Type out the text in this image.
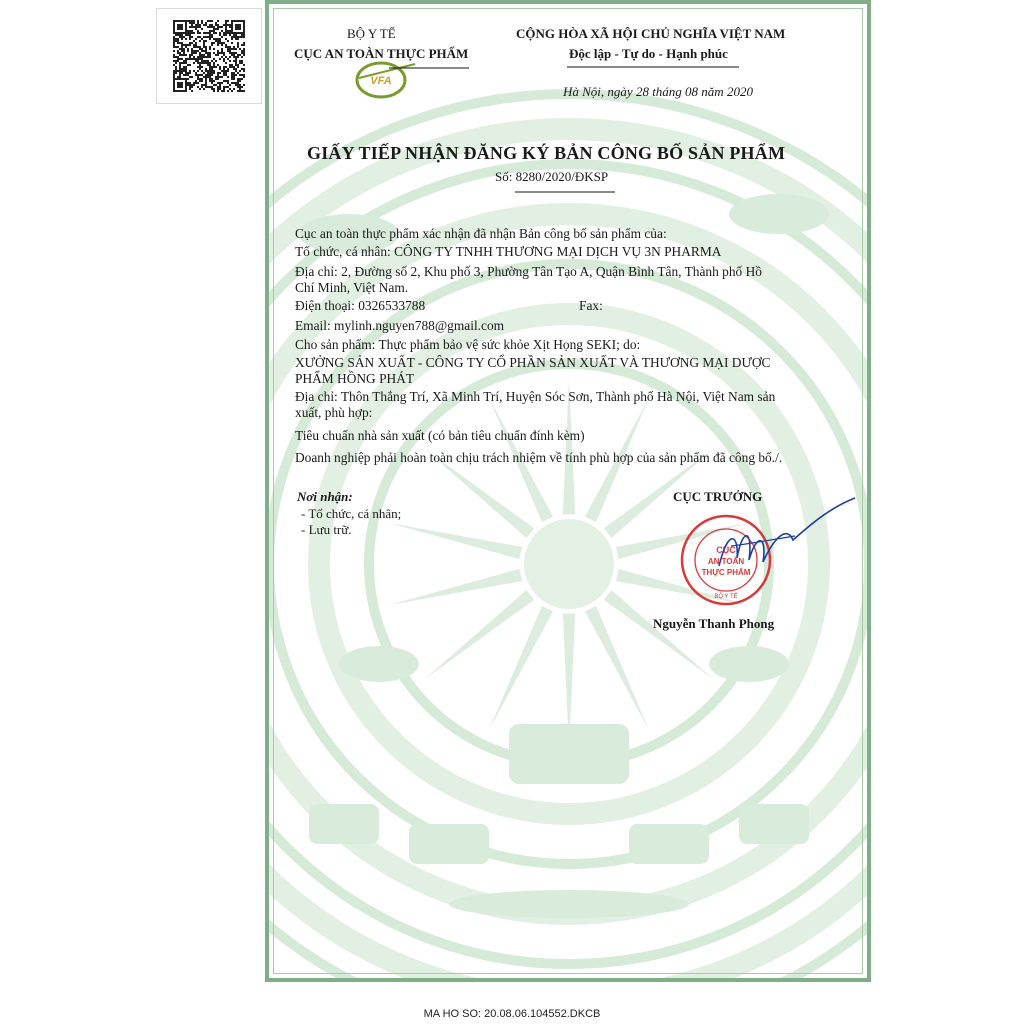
BỘ Y TẾ
CỤC AN TOÀN THỰC PHẨM
VFA
CỘNG HÒA XÃ HỘI CHỦ NGHĨA VIỆT NAM
Độc lập - Tự do - Hạnh phúc
Hà Nội, ngày 28 tháng 08 năm 2020
GIẤY TIẾP NHẬN ĐĂNG KÝ BẢN CÔNG BỐ SẢN PHẨM
Số: 8280/2020/ĐKSP
Cục an toàn thực phẩm xác nhận đã nhận Bản công bố sản phẩm của:
Tổ chức, cá nhân: CÔNG TY TNHH THƯƠNG MẠI DỊCH VỤ 3N PHARMA
Địa chỉ: 2, Đường số 2, Khu phố 3, Phường Tân Tạo A, Quận Bình Tân, Thành phố Hồ
Chí Minh, Việt Nam.
Điện thoại: 0326533788	Fax:
Email: mylinh.nguyen788@gmail.com
Cho sản phẩm: Thực phẩm bảo vệ sức khỏe Xịt Họng SEKI; do:
XƯỞNG SẢN XUẤT - CÔNG TY CỔ PHẦN SẢN XUẤT VÀ THƯƠNG MẠI DƯỢC
PHẨM HỒNG PHÁT
Địa chỉ: Thôn Thắng Trí, Xã Minh Trí, Huyện Sóc Sơn, Thành phố Hà Nội, Việt Nam sản
xuất, phù hợp:
Tiêu chuẩn nhà sản xuất (có bản tiêu chuẩn đính kèm)
Doanh nghiệp phải hoàn toàn chịu trách nhiệm về tính phù hợp của sản phẩm đã công bố./.
Nơi nhận:
- Tổ chức, cá nhân;
- Lưu trữ.
CỤC TRƯỞNG
CỤC
AN TOÀN
THỰC PHẨM
BỘ Y TẾ
Nguyễn Thanh Phong
MA HO SO: 20.08.06.104552.DKCB
